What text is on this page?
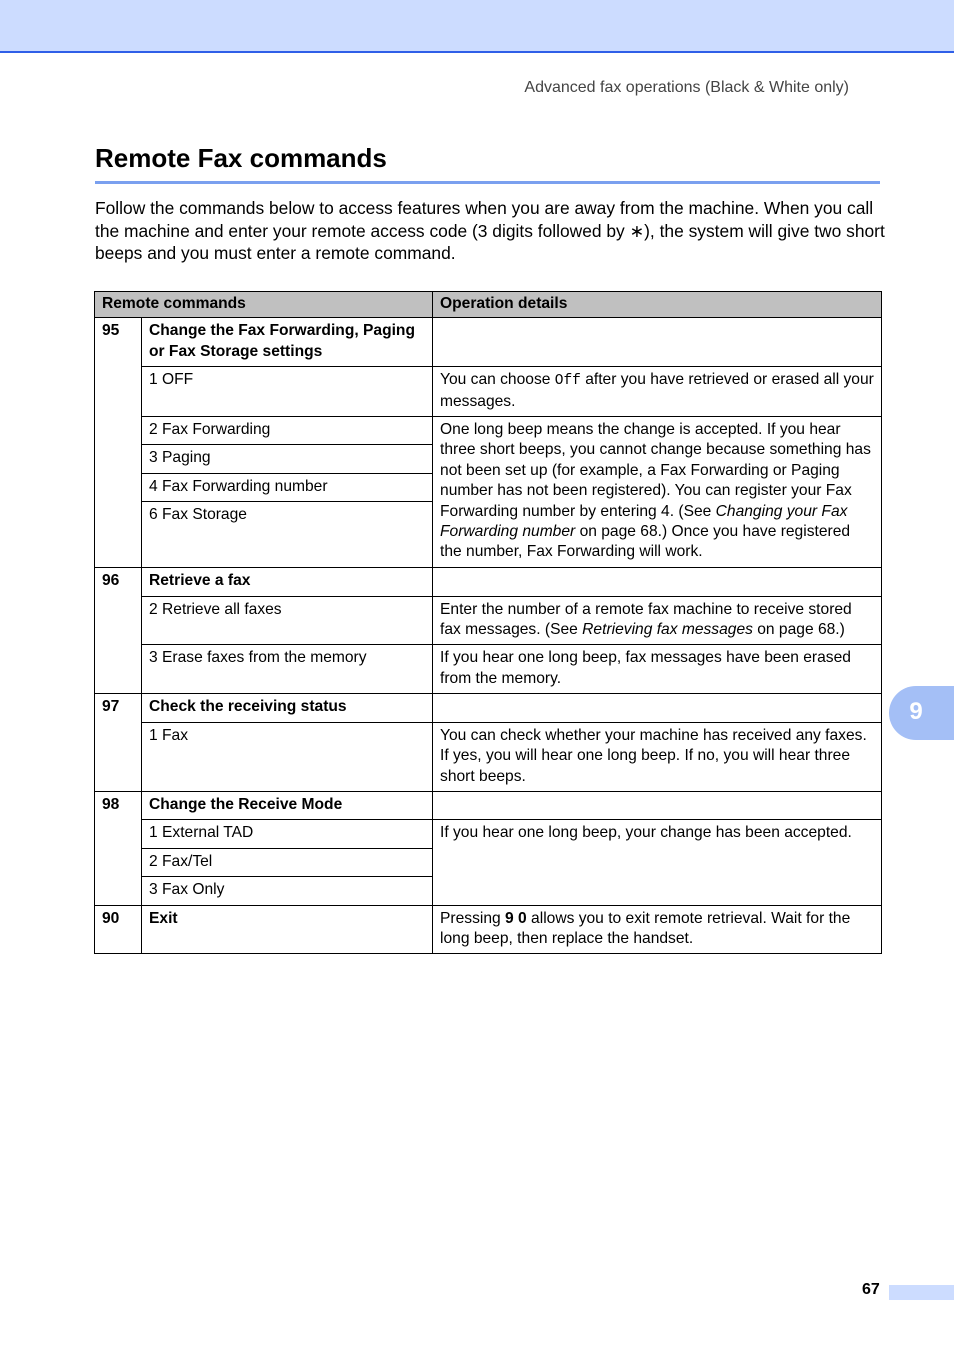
Advanced fax operations (Black & White only)
Remote Fax commands

Follow the commands below to access features when you are away from the machine. When you call the machine and enter your remote access code (3 digits followed by ∗), the system will give two short beeps and you must enter a remote command.

Remote commands		Operation details
95	Change the Fax Forwarding, Paging or Fax Storage settings	
	1 OFF	You can choose Off after you have retrieved or erased all your messages.
	2 Fax Forwarding	One long beep means the change is accepted. If you hear three short beeps, you cannot change because something has not been set up (for example, a Fax Forwarding or Paging number has not been registered). You can register your Fax Forwarding number by entering 4. (See Changing your Fax Forwarding number on page 68.) Once you have registered the number, Fax Forwarding will work.
	3 Paging	
	4 Fax Forwarding number	
	6 Fax Storage	
96	Retrieve a fax	
	2 Retrieve all faxes	Enter the number of a remote fax machine to receive stored fax messages. (See Retrieving fax messages on page 68.)
	3 Erase faxes from the memory	If you hear one long beep, fax messages have been erased from the memory.
97	Check the receiving status	
	1 Fax	You can check whether your machine has received any faxes. If yes, you will hear one long beep. If no, you will hear three short beeps.
98	Change the Receive Mode	
	1 External TAD	If you hear one long beep, your change has been accepted.
	2 Fax/Tel	
	3 Fax Only	
90	Exit	Pressing 9 0 allows you to exit remote retrieval. Wait for the long beep, then replace the handset.
9
67
